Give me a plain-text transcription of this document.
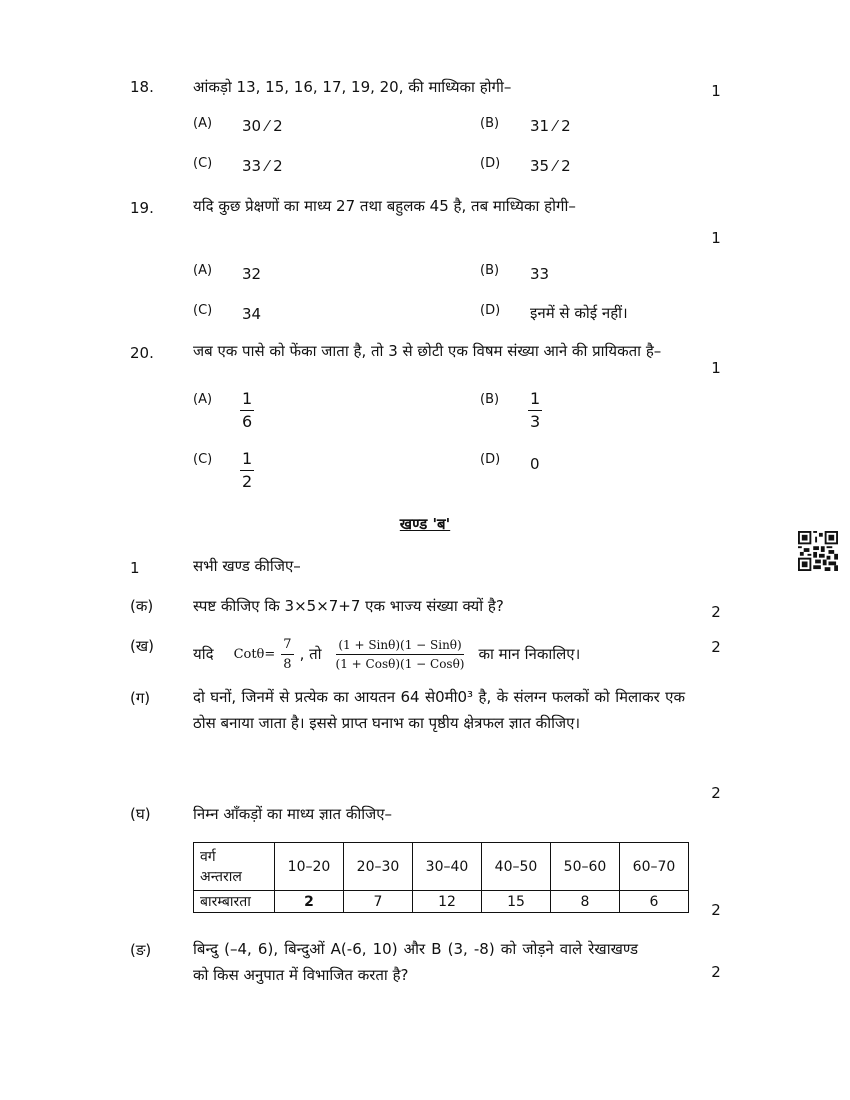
18.	आंकड़ो 13, 15, 16, 17, 19, 20, की माध्यिका होगी–	1
(A) 30 ⁄ 2	(B) 31 ⁄ 2
(C) 33 ⁄ 2	(D) 35 ⁄ 2
19.	यदि कुछ प्रेक्षणों का माध्य 27 तथा बहुलक 45 है, तब माध्यिका होगी–
1
(A) 32	(B) 33
(C) 34	(D) इनमें से कोई नहीं।
20.	जब एक पासे को फेंका जाता है, तो 3 से छोटी एक विषम संख्या आने की प्रायिकता है–
1
$(A) \frac{1}{6}$	$(B) \frac{1}{3}$
$(C) \frac{1}{2}$	(D) 0
खण्ड 'ब'
1	सभी खण्ड कीजिए–
(क)	स्पष्ट कीजिए कि 3×5×7+7 एक भाज्य संख्या क्यों है?	2
(ख)	यदि $Cot\theta= \frac{7}{8}$ , तो $\frac{\text{(1 + Sinθ)(1 − Sinθ)}}{\text{(1 + Cosθ)(1 − Cosθ)}}$ का मान निकालिए।	2
(ग)	दो घनों, जिनमें से प्रत्येक का आयतन 64 से0मी0³ है, के संलग्न फलकों को मिलाकर एक ठोस बनाया जाता है। इससे प्राप्त घनाभ का पृष्ठीय क्षेत्रफल ज्ञात कीजिए।
2
(घ)	निम्न आँकड़ों का माध्य ज्ञात कीजिए–
वर्ग
अन्तराल	10–20	20–30	30–40	40–50	50–60	60–70
बारम्बारता	2	7	12	15	8	6	2
(ङ)	बिन्दु (–4, 6), बिन्दुओं A(-6, 10) और B (3, -8) को जोड़ने वाले रेखाखण्ड को किस अनुपात में विभाजित करता है?	2
